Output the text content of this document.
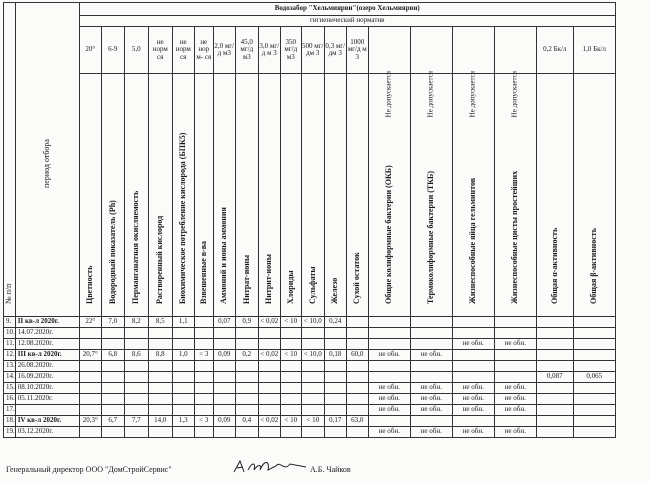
№ п/п	период отбора	Водозабор "Хельмиярви"(озеро Хельмиярви)																		
		гигиенический норматив																		
		20°	6-9	5,0	не норм ся	не норм ся	не нор м- ся	2,0 мг/д м3	45,0 мг/д м3	3,0 мг/д м 3	350 мг/д м3	500 мг/дм 3	0,3 мг/дм 3	1000 мг/д м 3	Не допускается	Не допускается	Не допускается	Не допускается	0,2 Бк/л	1,0 Бк/л

		Цветность	Водородный показатель (Ph)	Перманганатная окисляемость	Растворенный кислород	Биохимическое потребление кислорода (БПК5)	Взвешенные в-ва	Аммоний и ионы аммония	Нитрат-ионы	Нитрит-ионы	Хлориды	Сульфаты	Железо	Сухой остаток	Общие колиформные бактерии (ОКБ)	Термоколиформные бактерии (ТКБ)	Жизнеспособные яйца гельминтов	Жизнеспособные цисты простейших	Общая α-активность	Общая β-активность

9.	II кв-л 2020г.	22°	7,0	8,2	8,5	1,1		0,07	0,9	< 0,02	< 10	< 10,0	0,24							
10.	14.07.2020г.																			
11.	12.08.2020г.																не обн.	не обн.		
12.	III кв-л 2020г.	20,7°	6,8	8,6	8,8	1,0	< 3	0,09	0,2	< 0,02	< 10	< 10,0	0,18	60,0	не обн.	не обн.				
13.	26.08.2020г.																			
14.	16.09.2020г.																		0,087	0,065
15.	08.10.2020г.														не обн.	не обн.	не обн.	не обн.		
16.	05.11.2020г.														не обн.	не обн.	не обн.	не обн.		
17.															не обн.	не обн.	не обн.	не обн.		
18.	IV кв-л 2020г.	20,3°	6,7	7,7	14,0	1,3	< 3	0,09	0,4	< 0,02	< 10	< 10	0,17	63,0						
19.	03.12.2020г.														не обн.	не обн.	не обн.	не обн.		
Генеральный директор ООО "ДомСтройСервис"	А.Б. Чайков
